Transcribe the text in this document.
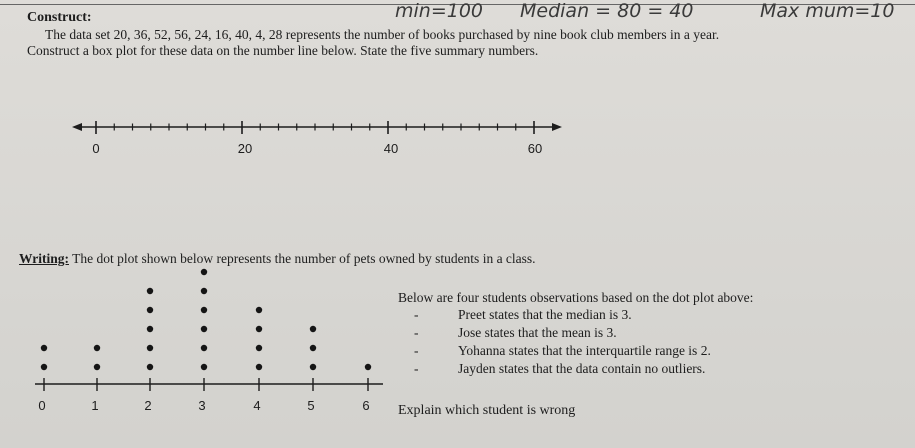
min=100 Median = 80 = 40	Max mum=10
Construct:
The data set 20, 36, 52, 56, 24, 16, 40, 4, 28 represents the number of books purchased by nine book club members in a year.
Construct a box plot for these data on the number line below. State the five summary numbers.
0	20	40	60
0	1	2	3	4	5	6
Writing: The dot plot shown below represents the number of pets owned by students in a class.
Below are four students observations based on the dot plot above:
-	Preet states that the median is 3.
-	Jose states that the mean is 3.
-	Yohanna states that the interquartile range is 2.
-	Jayden states that the data contain no outliers.
Explain which student is wrong
